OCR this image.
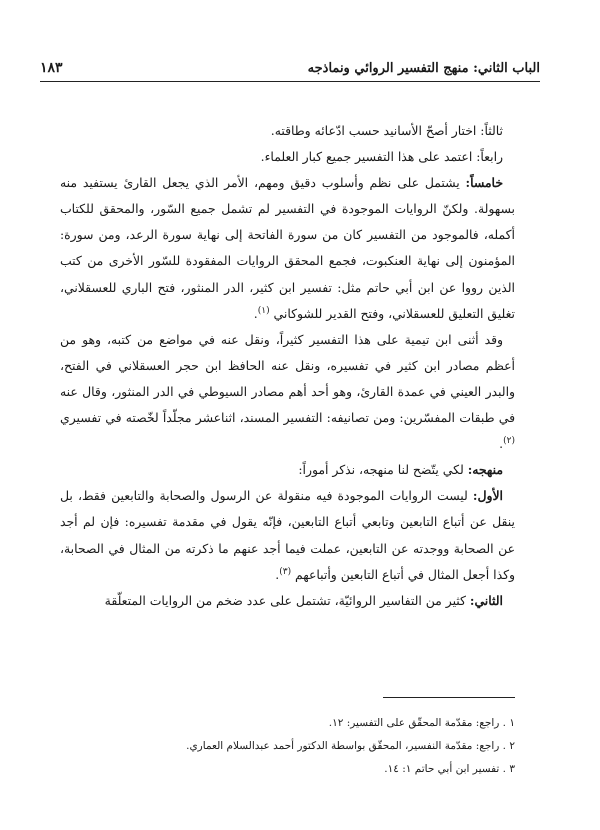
الباب الثاني: منهج التفسير الروائي ونماذجه
١٨٣

ثالثاً: اختار أصحّ الأسانيد حسب ادّعائه وطاقته.

رابعاً: اعتمد على هذا التفسير جميع كبار العلماء.

خامساً: يشتمل على نظم وأسلوب دقيق ومهم، الأمر الذي يجعل القارئ يستفيد منه بسهولة. ولكنّ الروايات الموجودة في التفسير لم تشمل جميع السّور، والمحقق للكتاب أكمله، فالموجود من التفسير كان من سورة الفاتحة إلى نهاية سورة الرعد، ومن سورة: المؤمنون إلى نهاية العنكبوت، فجمع المحقق الروايات المفقودة للسّور الأخرى من كتب الذين رووا عن ابن أبي حاتم مثل: تفسير ابن كثير، الدر المنثور، فتح الباري للعسقلاني، تغليق التعليق للعسقلاني، وفتح القدير للشوكاني $^{(١)}$.

وقد أثنى ابن تيمية على هذا التفسير كثيراً، ونقل عنه في مواضع من كتبه، وهو من أعظم مصادر ابن كثير في تفسيره، ونقل عنه الحافظ ابن حجر العسقلاني في الفتح، والبدر العيني في عمدة القارئ، وهو أحد أهم مصادر السيوطي في الدر المنثور، وقال عنه في طبقات المفسّرين: ومن تصانيفه: التفسير المسند، اثناعشر مجلّداً لخّصته في تفسيري $^{(٢)}$.

منهجه: لكي يتّضح لنا منهجه، نذكر أموراً:

الأول: ليست الروايات الموجودة فيه منقولة عن الرسول والصحابة والتابعين فقط، بل ينقل عن أتباع التابعين وتابعي أتباع التابعين، فإنّه يقول في مقدمة تفسيره: فإن لم أجد عن الصحابة ووجدته عن التابعين، عملت فيما أجد عنهم ما ذكرته من المثال في الصحابة، وكذا أجعل المثال في أتباع التابعين وأتباعهم $^{(٣)}$.

الثاني: كثير من التفاسير الروائيّة، تشتمل على عدد ضخم من الروايات المتعلّقة

١ . راجع: مقدّمة المحقّق على التفسير: ١٢.

٢ . راجع: مقدّمة النفسير، المحقّق بواسطة الدكتور أحمد عبدالسلام العماري.

٣ . تفسير ابن أبي حاتم ١: ١٤.
